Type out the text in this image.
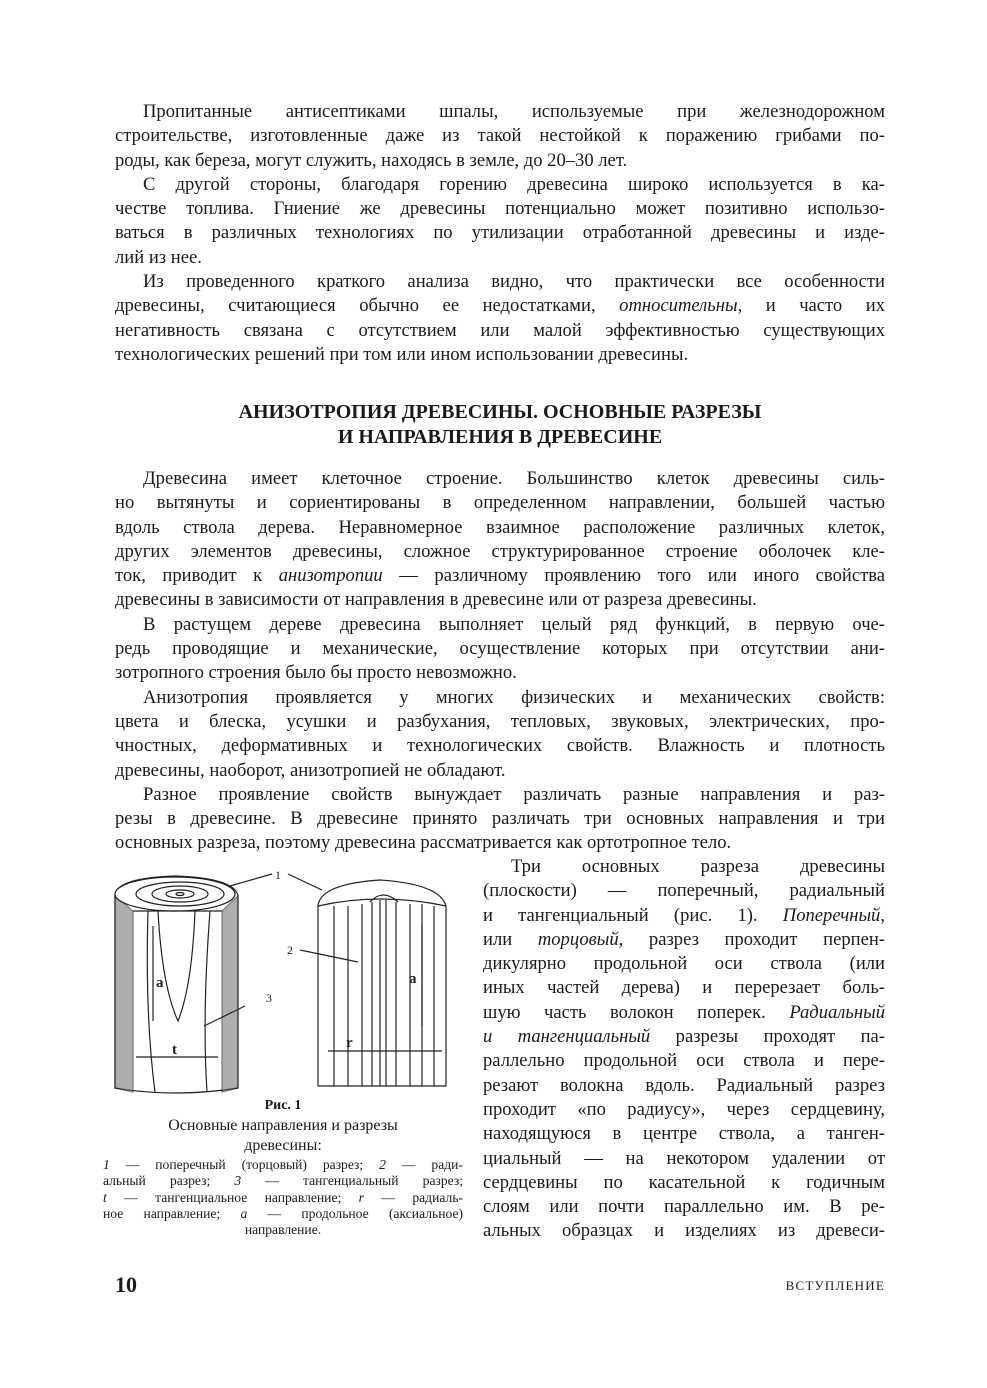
Пропитанные антисептиками шпалы, используемые при железнодорожном
строительстве, изготовленные даже из такой нестойкой к поражению грибами по-
роды, как береза, могут служить, находясь в земле, до 20–30 лет.
С другой стороны, благодаря горению древесина широко используется в ка-
честве топлива. Гниение же древесины потенциально может позитивно использо-
ваться в различных технологиях по утилизации отработанной древесины и изде-
лий из нее.
Из проведенного краткого анализа видно, что практически все особенности
древесины, считающиеся обычно ее недостатками, относительны, и часто их
негативность связана с отсутствием или малой эффективностью существующих
технологических решений при том или ином использовании древесины.
АНИЗОТРОПИЯ ДРЕВЕСИНЫ. ОСНОВНЫЕ РАЗРЕЗЫ
И НАПРАВЛЕНИЯ В ДРЕВЕСИНЕ
Древесина имеет клеточное строение. Большинство клеток древесины силь-
но вытянуты и сориентированы в определенном направлении, большей частью
вдоль ствола дерева. Неравномерное взаимное расположение различных клеток,
других элементов древесины, сложное структурированное строение оболочек кле-
ток, приводит к анизотропии — различному проявлению того или иного свойства
древесины в зависимости от направления в древесине или от разреза древесины.
В растущем дереве древесина выполняет целый ряд функций, в первую оче-
редь проводящие и механические, осуществление которых при отсутствии ани-
зотропного строения было бы просто невозможно.
Анизотропия проявляется у многих физических и механических свойств:
цвета и блеска, усушки и разбухания, тепловых, звуковых, электрических, про-
чностных, деформативных и технологических свойств. Влажность и плотность
древесины, наоборот, анизотропией не обладают.
Разное проявление свойств вынуждает различать разные направления и раз-
резы в древесине. В древесине принято различать три основных направления и три
основных разреза, поэтому древесина рассматривается как ортотропное тело.
Три основных разреза древесины
(плоскости) — поперечный, радиальный
и тангенциальный (рис. 1). Поперечный,
или торцовый, разрез проходит перпен-
дикулярно продольной оси ствола (или
иных частей дерева) и перерезает боль-
шую часть волокон поперек. Радиальный
и тангенциальный разрезы проходят па-
раллельно продольной оси ствола и пере-
резают волокна вдоль. Радиальный разрез
проходит «по радиусу», через сердцевину,
находящуюся в центре ствола, а танген-
циальный — на некотором удалении от
сердцевины по касательной к годичным
слоям или почти параллельно им. В ре-
альных образцах и изделиях из древеси-
1
2
3
a	a
t	r
Рис. 1
Основные направления и разрезы
древесины:
1 — поперечный (торцовый) разрез; 2 — ради-
альный разрез; 3 — тангенциальный разрез;
t — тангенциальное направление; r — радиаль-
ное направление; a — продольное (аксиальное)
направление.
10	ВСТУПЛЕНИЕ
